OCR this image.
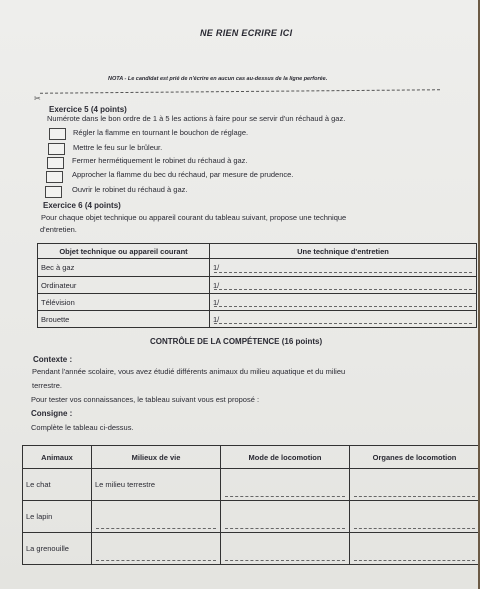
NE RIEN ECRIRE ICI
NOTA - Le candidat est prié de n'écrire en aucun cas au-dessus de la ligne perforée.
✂
Exercice 5 (4 points)
Numérote dans le bon ordre de 1 à 5 les actions à faire pour se servir d'un réchaud à gaz.
Régler la flamme en tournant le bouchon de réglage.
Mettre le feu sur le brûleur.
Fermer hermétiquement le robinet du réchaud à gaz.
Approcher la flamme du bec du réchaud, par mesure de prudence.
Ouvrir le robinet du réchaud à gaz.
Exercice 6 (4 points)
Pour chaque objet technique ou appareil courant du tableau suivant, propose une technique
d'entretien.
Objet technique ou appareil courant	Une technique d'entretien
Bec à gaz	1/

Ordinateur	1/

Télévision	1/

Brouette	1/
CONTRÔLE DE LA COMPÉTENCE (16 points)
Contexte :
Pendant l'année scolaire, vous avez étudié différents animaux du milieu aquatique et du milieu
terrestre.
Pour tester vos connaissances, le tableau suivant vous est proposé :
Consigne :
Complète le tableau ci-dessus.
Animaux	Milieux de vie	Mode de locomotion	Organes de locomotion
Le chat	Le milieu terrestre	

Le lapin	

La grenouille	
